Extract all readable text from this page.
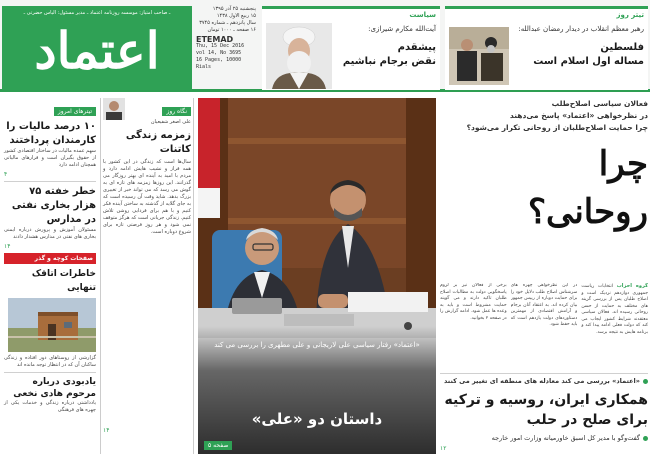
ـ صاحب امتیاز: موسسه روزنامه اعتماد ـ مدیر مسئول: الیاس حضرتی ـ
اعتماد
پنجشنبه ۲۵ آذر ۱۳۹۵
۱۵ ربیع الاول ۱۴۳۸
سال پانزدهم ـ شماره ۳۷۴۵
۱۶ صفحه ـ ۱۰۰۰ تومان
ETEMAD
Thu, 15 Dec 2016
vol 14, No 3695
16 Pages, 10000 Rials
سیاست
آیت‌الله مکارم شیرازی:
پیشقدم
نقض برجام نباشیم
تیتر روز
رهبر معظم انقلاب در دیدار رمضان عبدالله:
فلسطین
مساله اول اسلام است
تیترهای امروز
۱۰ درصد مالیات را کارمندان پرداختند
سهم عمده مالیات در ساختار اقتصادی کشور از حقوق بگیران است و فرارهای مالیاتی همچنان ادامه دارد
۴
خطر خفته ۷۵ هزار بخاری نفتی در مدارس
مسئولان آموزش و پرورش درباره ایمنی بخاری های نفتی در مدارس هشدار دادند
۱۴
صفحات کوچه و گذر
خاطرات اتاقک تنهایی
گزارشی از روستاهای دور افتاده و زندگی ساکنان آن که در انتظار توجه مانده اند
یادبودی درباره مرحوم هادی نخعی
یادداشتی درباره زندگی و خدمات یکی از چهره های فرهنگی
نگاه روز
علی اصغر شفیعیان
زمزمه زندگی کاتنات
سال‌ها است که زندگی در این کشور با همه فراز و نشیب هایش ادامه دارد و مردم با امید به آینده ای بهتر روزگار می گذرانند. این روزها زمزمه های تازه ای به گوش می رسد که می تواند خبر از تغییری بزرگ بدهد. شاید وقت آن رسیده است که به جای گلایه از گذشته به ساختن آینده فکر کنیم و با هم برای فردایی روشن تلاش کنیم. زندگی جریانی است که هرگز متوقف نمی شود و هر روز فرصتی تازه برای شروع دوباره است.
۱۴
«اعتماد» رفتار سیاسی علی لاریجانی و علی مطهری را بررسی می کند
داستان دو «علی»
صفحه ۵
فعالان سیاسی اصلاح‌طلب
در نظرخواهی «اعتماد» پاسخ می‌دهند
چرا حمایت اصلاح‌طلبان از روحانی تکرار می‌شود؟
چرا
روحانی؟
گروه احزاب انتخابات ریاست جمهوری دوازدهم نزدیک است و اصلاح طلبان پس از بررسی گزینه های مختلف به حمایت از حسن روحانی رسیده اند. فعالان سیاسی معتقدند شرایط کشور ایجاب می کند که دولت فعلی ادامه پیدا کند و برنامه هایش به نتیجه برسد.
در این نظرخواهی چهره های سرشناس اصلاح طلب دلایل خود را برای حمایت دوباره از رییس جمهور بیان کرده اند. به اعتقاد آنان برجام و آرامش اقتصادی از مهمترین دستاوردهای دولت یازدهم است که باید حفظ شود.
برخی از فعالان نیز بر لزوم پاسخگویی دولت به مطالبات اصلاح طلبان تاکید دارند و می گویند حمایت مشروط است و باید به وعده ها عمل شود. ادامه گزارش را در صفحه ۲ بخوانید.
«اعتماد» بررسی می کند معادله های منطقه ای تغییر می کنند
همکاری ایران، روسیه و ترکیه
برای صلح در حلب
گفت‌وگو با مدیر کل اسبق خاورمیانه وزارت امور خارجه
۱۲
